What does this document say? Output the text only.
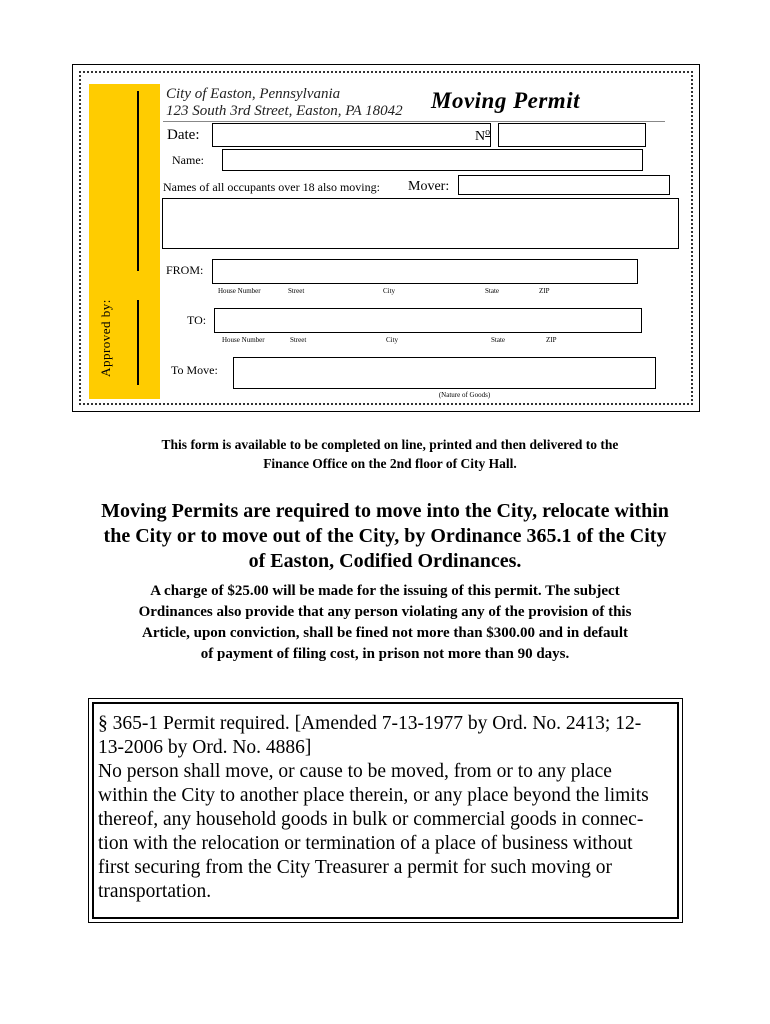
Approved by:
City of Easton, Pennsylvania
123 South 3rd Street, Easton, PA 18042 Moving Permit
Date:	$N^o$
Name:
Names of all occupants over 18 also moving: Mover:
FROM:
House Number	Street	City	State	ZIP
TO:
House Number	Street	City	State	ZIP
To Move:
(Nature of Goods)
This form is available to be completed on line, printed and then delivered to the
Finance Office on the 2nd floor of City Hall.
Moving Permits are required to move into the City, relocate within
the City or to move out of the City, by Ordinance 365.1 of the City
of Easton, Codified Ordinances.
A charge of $25.00 will be made for the issuing of this permit. The subject
Ordinances also provide that any person violating any of the provision of this
Article, upon conviction, shall be fined not more than $300.00 and in default
of payment of filing cost, in prison not more than 90 days.
§ 365-1 Permit required. [Amended 7-13-1977 by Ord. No. 2413; 12-
13-2006 by Ord. No. 4886]
No person shall move, or cause to be moved, from or to any place
within the City to another place therein, or any place beyond the limits
thereof, any household goods in bulk or commercial goods in connec-
tion with the relocation or termination of a place of business without
first securing from the City Treasurer a permit for such moving or
transportation.
